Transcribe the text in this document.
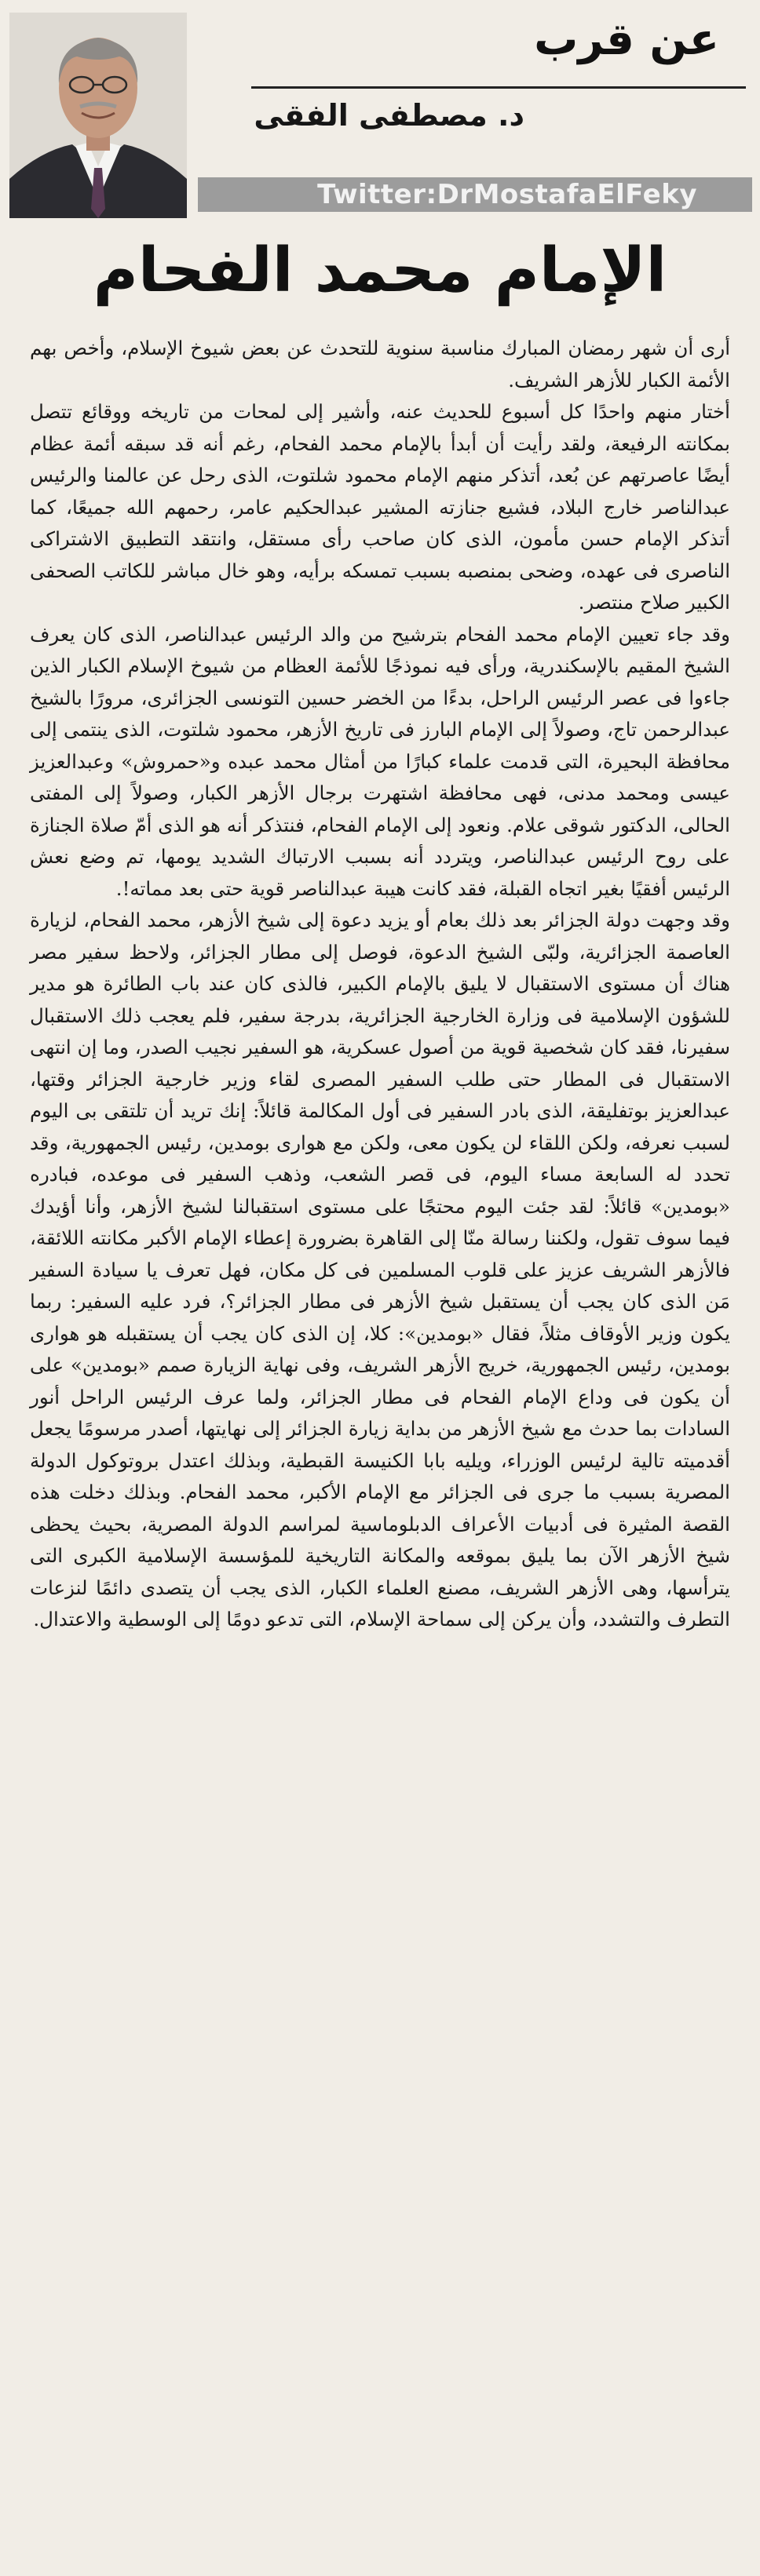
عن قرب
د. مصطفى الفقى
Twitter:DrMostafaElFeky
الإمام محمد الفحام

أرى أن شهر رمضان المبارك مناسبة سنوية للتحدث عن بعض شيوخ الإسلام، وأخص بهم الأئمة الكبار للأزهر الشريف.

أختار منهم واحدًا كل أسبوع للحديث عنه، وأشير إلى لمحات من تاريخه ووقائع تتصل بمكانته الرفيعة، ولقد رأيت أن أبدأ بالإمام محمد الفحام، رغم أنه قد سبقه أئمة عظام أيضًا عاصرتهم عن بُعد، أتذكر منهم الإمام محمود شلتوت، الذى رحل عن عالمنا والرئيس عبدالناصر خارج البلاد، فشيع جنازته المشير عبدالحكيم عامر، رحمهم الله جميعًا، كما أتذكر الإمام حسن مأمون، الذى كان صاحب رأى مستقل، وانتقد التطبيق الاشتراكى الناصرى فى عهده، وضحى بمنصبه بسبب تمسكه برأيه، وهو خال مباشر للكاتب الصحفى الكبير صلاح منتصر.

وقد جاء تعيين الإمام محمد الفحام بترشيح من والد الرئيس عبدالناصر، الذى كان يعرف الشيخ المقيم بالإسكندرية، ورأى فيه نموذجًا للأئمة العظام من شيوخ الإسلام الكبار الذين جاءوا فى عصر الرئيس الراحل، بدءًا من الخضر حسين التونسى الجزائرى، مرورًا بالشيخ عبدالرحمن تاج، وصولاً إلى الإمام البارز فى تاريخ الأزهر، محمود شلتوت، الذى ينتمى إلى محافظة البحيرة، التى قدمت علماء كبارًا من أمثال محمد عبده و«حمروش» وعبدالعزيز عيسى ومحمد مدنى، فهى محافظة اشتهرت برجال الأزهر الكبار، وصولاً إلى المفتى الحالى، الدكتور شوقى علام. ونعود إلى الإمام الفحام، فنتذكر أنه هو الذى أمّ صلاة الجنازة على روح الرئيس عبدالناصر، ويتردد أنه بسبب الارتباك الشديد يومها، تم وضع نعش الرئيس أفقيًا بغير اتجاه القبلة، فقد كانت هيبة عبدالناصر قوية حتى بعد مماته!.

وقد وجهت دولة الجزائر بعد ذلك بعام أو يزيد دعوة إلى شيخ الأزهر، محمد الفحام، لزيارة العاصمة الجزائرية، ولبّى الشيخ الدعوة، فوصل إلى مطار الجزائر، ولاحظ سفير مصر هناك أن مستوى الاستقبال لا يليق بالإمام الكبير، فالذى كان عند باب الطائرة هو مدير للشؤون الإسلامية فى وزارة الخارجية الجزائرية، بدرجة سفير، فلم يعجب ذلك الاستقبال سفيرنا، فقد كان شخصية قوية من أصول عسكرية، هو السفير نجيب الصدر، وما إن انتهى الاستقبال فى المطار حتى طلب السفير المصرى لقاء وزير خارجية الجزائر وقتها، عبدالعزيز بوتفليقة، الذى بادر السفير فى أول المكالمة قائلاً: إنك تريد أن تلتقى بى اليوم لسبب نعرفه، ولكن اللقاء لن يكون معى، ولكن مع هوارى بومدين، رئيس الجمهورية، وقد تحدد له السابعة مساء اليوم، فى قصر الشعب، وذهب السفير فى موعده، فبادره «بومدين» قائلاً: لقد جئت اليوم محتجًا على مستوى استقبالنا لشيخ الأزهر، وأنا أؤيدك فيما سوف تقول، ولكننا رسالة منّا إلى القاهرة بضرورة إعطاء الإمام الأكبر مكانته اللائقة، فالأزهر الشريف عزيز على قلوب المسلمين فى كل مكان، فهل تعرف يا سيادة السفير مَن الذى كان يجب أن يستقبل شيخ الأزهر فى مطار الجزائر؟، فرد عليه السفير: ربما يكون وزير الأوقاف مثلاً، فقال «بومدين»: كلا، إن الذى كان يجب أن يستقبله هو هوارى بومدين، رئيس الجمهورية، خريج الأزهر الشريف، وفى نهاية الزيارة صمم «بومدين» على أن يكون فى وداع الإمام الفحام فى مطار الجزائر، ولما عرف الرئيس الراحل أنور السادات بما حدث مع شيخ الأزهر من بداية زيارة الجزائر إلى نهايتها، أصدر مرسومًا يجعل أقدميته تالية لرئيس الوزراء، ويليه بابا الكنيسة القبطية، وبذلك اعتدل بروتوكول الدولة المصرية بسبب ما جرى فى الجزائر مع الإمام الأكبر، محمد الفحام. وبذلك دخلت هذه القصة المثيرة فى أدبيات الأعراف الدبلوماسية لمراسم الدولة المصرية، بحيث يحظى شيخ الأزهر الآن بما يليق بموقعه والمكانة التاريخية للمؤسسة الإسلامية الكبرى التى يترأسها، وهى الأزهر الشريف، مصنع العلماء الكبار، الذى يجب أن يتصدى دائمًا لنزعات التطرف والتشدد، وأن يركن إلى سماحة الإسلام، التى تدعو دومًا إلى الوسطية والاعتدال.
